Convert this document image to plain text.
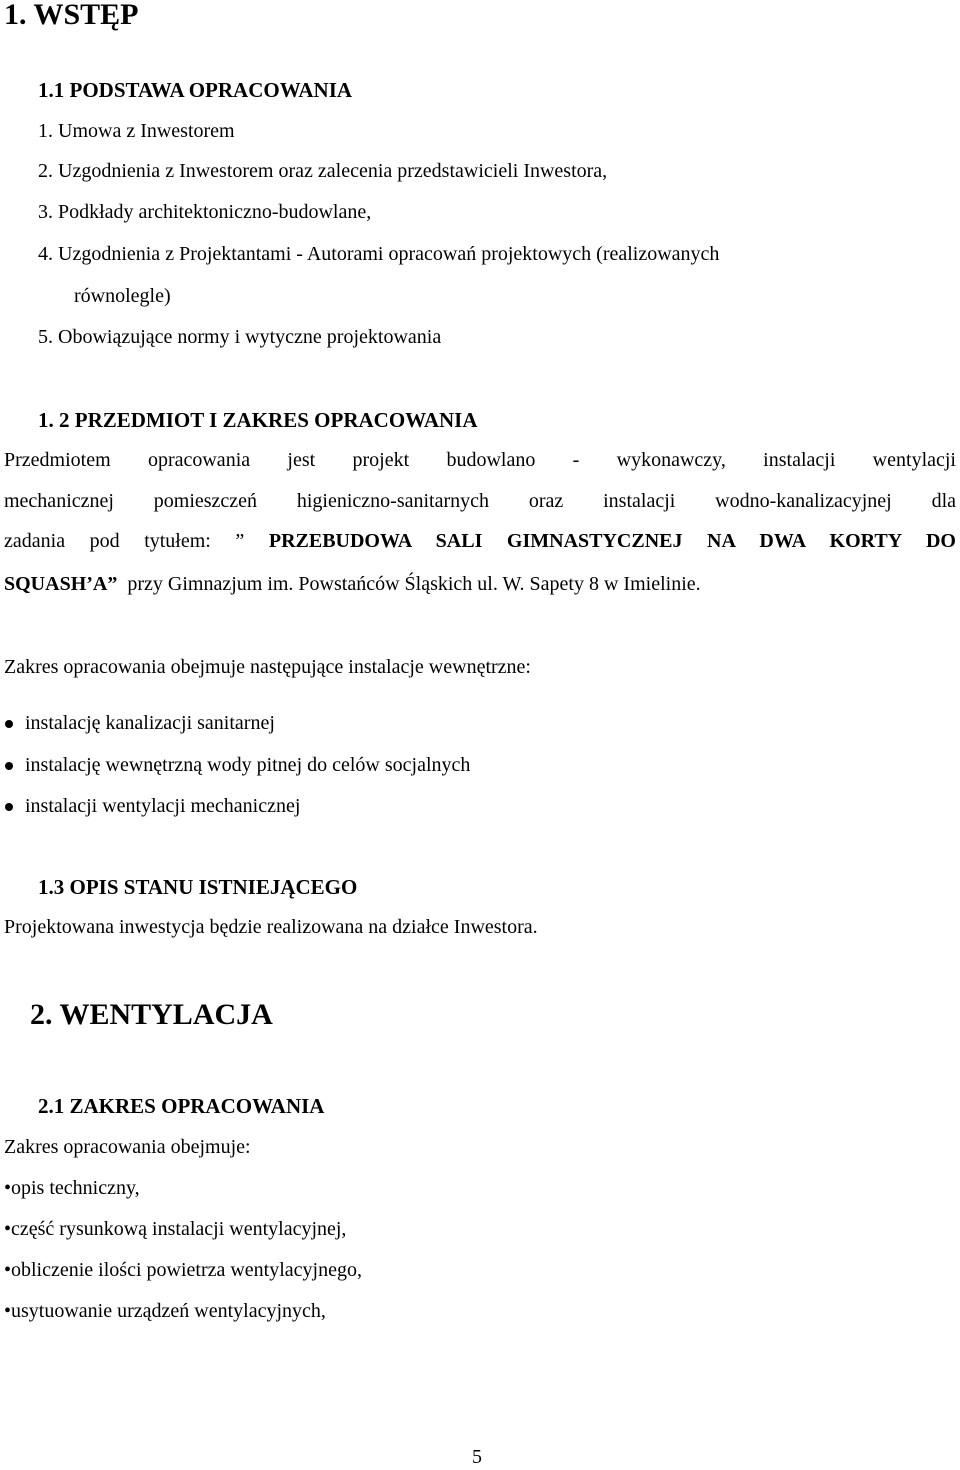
1. WSTĘP
1.1 PODSTAWA OPRACOWANIA
1. Umowa z Inwestorem
2. Uzgodnienia z Inwestorem oraz zalecenia przedstawicieli Inwestora,
3. Podkłady architektoniczno-budowlane,
4. Uzgodnienia z Projektantami - Autorami opracowań projektowych (realizowanych
równolegle)
5. Obowiązujące normy i wytyczne projektowania
1. 2 PRZEDMIOT I ZAKRES OPRACOWANIA
Przedmiotem opracowania jest projekt budowlano - wykonawczy, instalacji wentylacji
mechanicznej pomieszczeń higieniczno-sanitarnych oraz instalacji wodno-kanalizacyjnej dla
zadania pod tytułem: ” PRZEBUDOWA SALI GIMNASTYCZNEJ NA DWA KORTY DO
SQUASH’A” przy Gimnazjum im. Powstańców Śląskich ul. W. Sapety 8 w Imielinie.
Zakres opracowania obejmuje następujące instalacje wewnętrzne:
instalację kanalizacji sanitarnej
instalację wewnętrzną wody pitnej do celów socjalnych
instalacji wentylacji mechanicznej
1.3 OPIS STANU ISTNIEJĄCEGO
Projektowana inwestycja będzie realizowana na działce Inwestora.
2. WENTYLACJA
2.1 ZAKRES OPRACOWANIA
Zakres opracowania obejmuje:
•opis techniczny,
•część rysunkową instalacji wentylacyjnej,
•obliczenie ilości powietrza wentylacyjnego,
•usytuowanie urządzeń wentylacyjnych,
5
